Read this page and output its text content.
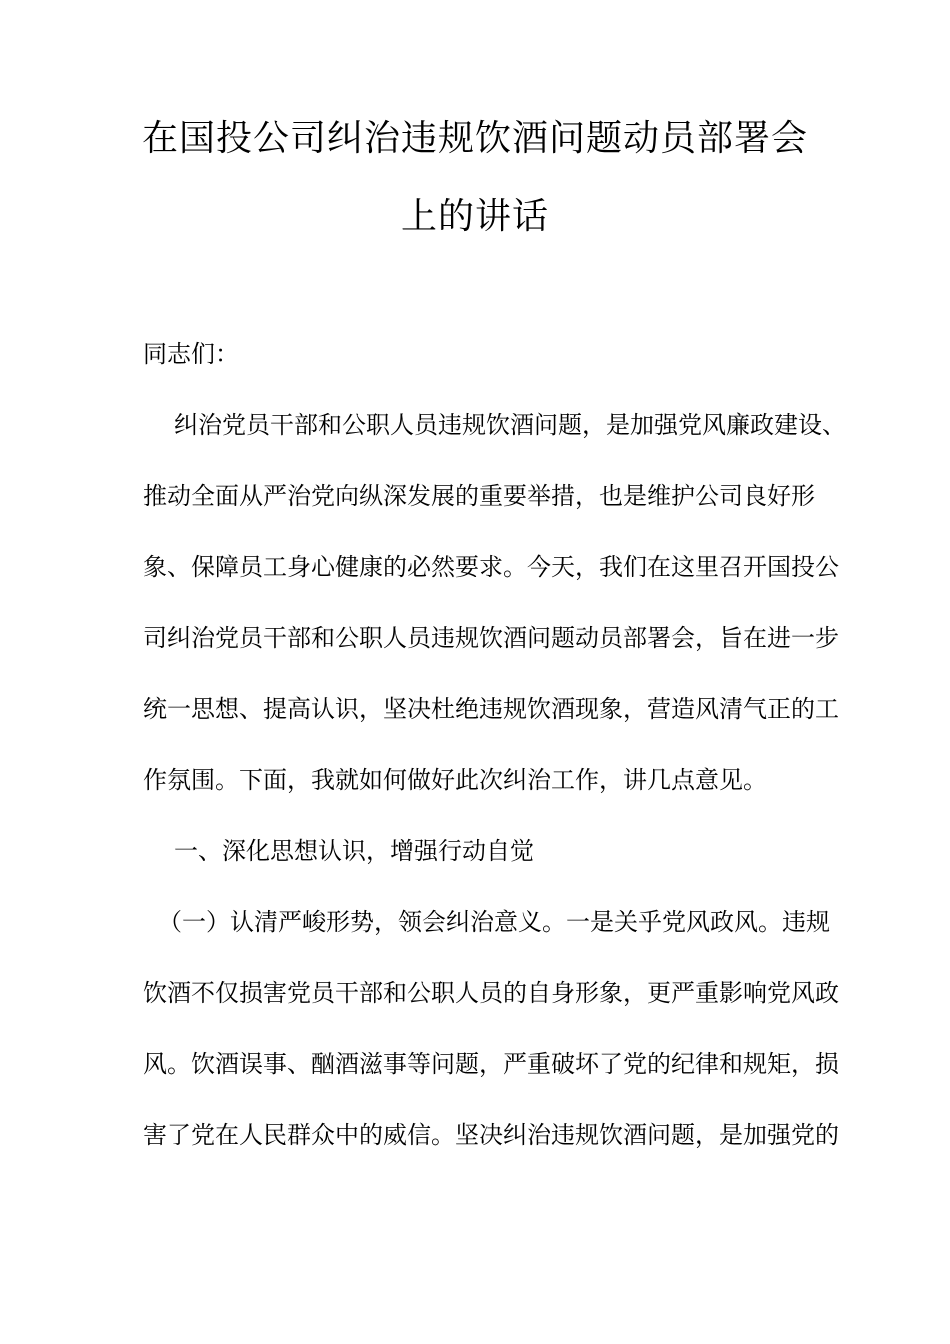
在国投公司纠治违规饮酒问题动员部署会
上的讲话

同志们：

纠治党员干部和公职人员违规饮酒问题，是加强党风廉政建设、

推动全面从严治党向纵深发展的重要举措，也是维护公司良好形

象、保障员工身心健康的必然要求。今天，我们在这里召开国投公

司纠治党员干部和公职人员违规饮酒问题动员部署会，旨在进一步

统一思想、提高认识，坚决杜绝违规饮酒现象，营造风清气正的工

作氛围。下面，我就如何做好此次纠治工作，讲几点意见。

一、深化思想认识，增强行动自觉

（一）认清严峻形势，领会纠治意义。一是关乎党风政风。违规

饮酒不仅损害党员干部和公职人员的自身形象，更严重影响党风政

风。饮酒误事、酗酒滋事等问题，严重破坏了党的纪律和规矩，损

害了党在人民群众中的威信。坚决纠治违规饮酒问题，是加强党的
